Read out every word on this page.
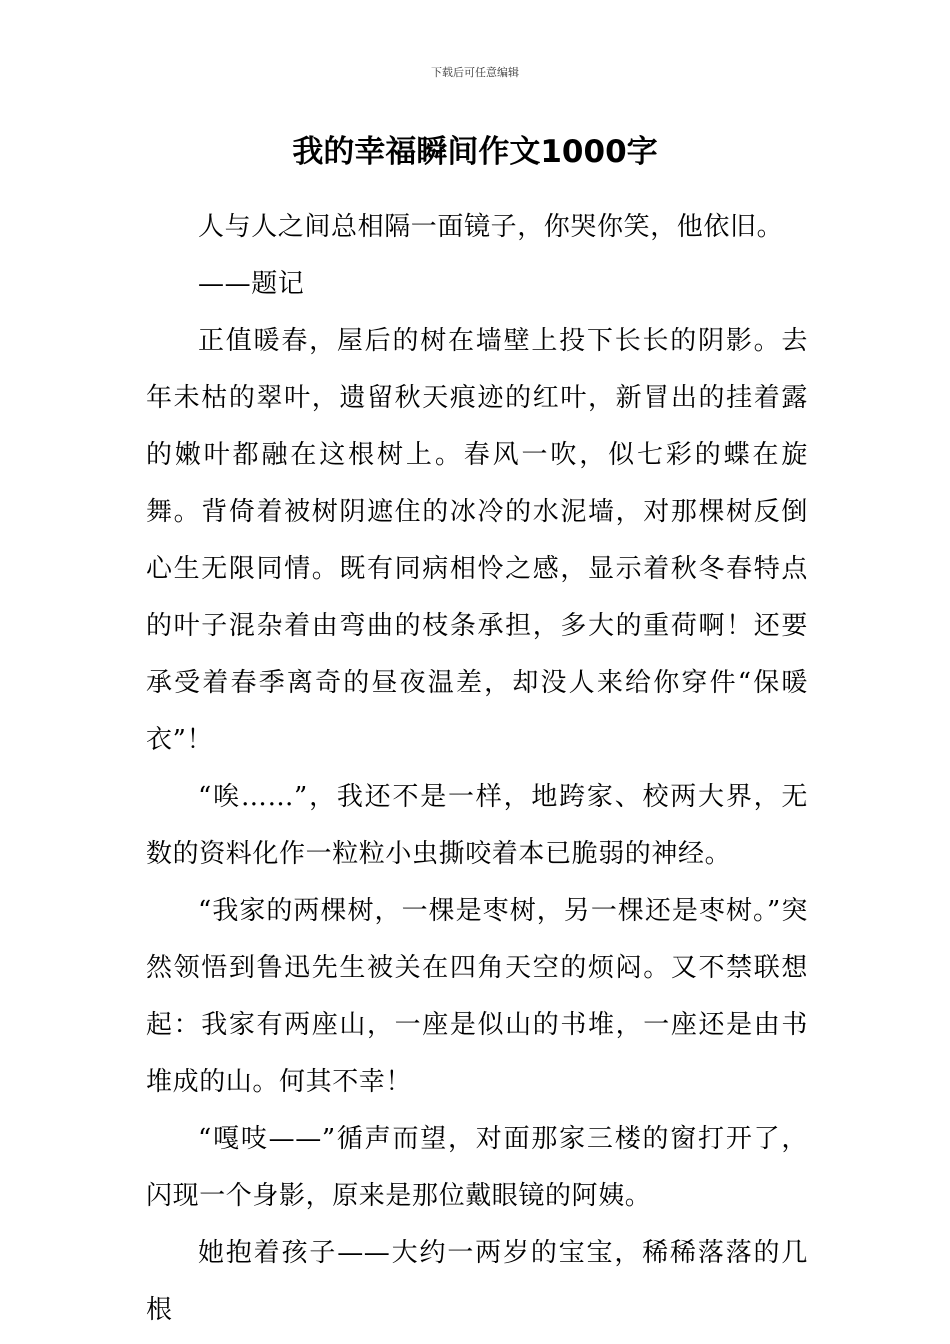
下载后可任意编辑
我的幸福瞬间作文1000字

人与人之间总相隔一面镜子，你哭你笑，他依旧。

——题记

正值暖春，屋后的树在墙壁上投下长长的阴影。去年未枯的翠叶，遗留秋天痕迹的红叶，新冒出的挂着露的嫩叶都融在这根树上。春风一吹，似七彩的蝶在旋舞。背倚着被树阴遮住的冰冷的水泥墙，对那棵树反倒心生无限同情。既有同病相怜之感，显示着秋冬春特点的叶子混杂着由弯曲的枝条承担，多大的重荷啊！还要承受着春季离奇的昼夜温差，却没人来给你穿件“保暖衣”！

“唉……”，我还不是一样，地跨家、校两大界，无数的资料化作一粒粒小虫撕咬着本已脆弱的神经。

“我家的两棵树，一棵是枣树，另一棵还是枣树。”突然领悟到鲁迅先生被关在四角天空的烦闷。又不禁联想起：我家有两座山，一座是似山的书堆，一座还是由书堆成的山。何其不幸！

“嘎吱——”循声而望，对面那家三楼的窗打开了，闪现一个身影，原来是那位戴眼镜的阿姨。

她抱着孩子——大约一两岁的宝宝，稀稀落落的几根
